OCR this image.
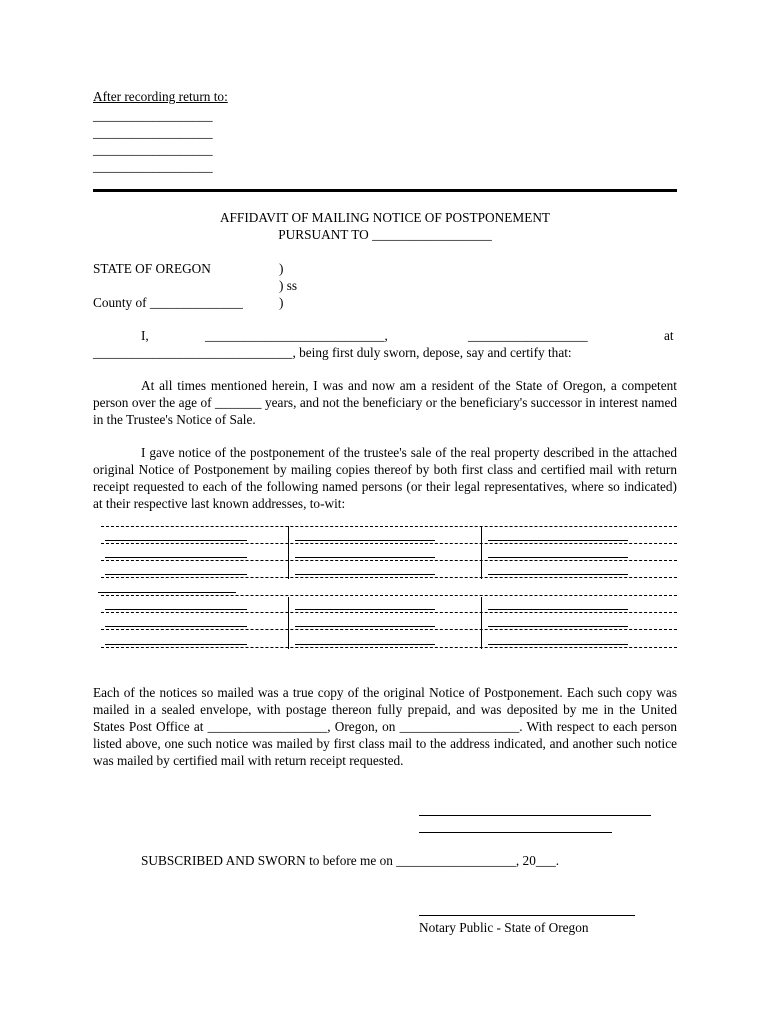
After recording return to:
__________________
__________________
__________________
__________________
AFFIDAVIT OF MAILING NOTICE OF POSTPONEMENT
PURSUANT TO __________________
STATE OF OREGON	)
) ss
County of ______________	)
I,	___________________________,	__________________	at
______________________________, being first duly sworn, depose, say and certify that:
At all times mentioned herein, I was and now am a resident of the State of Oregon, a competent person over the age of _______ years, and not the beneficiary or the beneficiary's successor in interest named in the Trustee's Notice of Sale.
I gave notice of the postponement of the trustee's sale of the real property described in the attached original Notice of Postponement by mailing copies thereof by both first class and certified mail with return receipt requested to each of the following named persons (or their legal representatives, where so indicated) at their respective last known addresses, to-wit:
Each of the notices so mailed was a true copy of the original Notice of Postponement. Each such copy was mailed in a sealed envelope, with postage thereon fully prepaid, and was deposited by me in the United States Post Office at __________________, Oregon, on __________________. With respect to each person listed above, one such notice was mailed by first class mail to the address indicated, and another such notice was mailed by certified mail with return receipt requested.
SUBSCRIBED AND SWORN to before me on __________________, 20___.
Notary Public - State of Oregon
